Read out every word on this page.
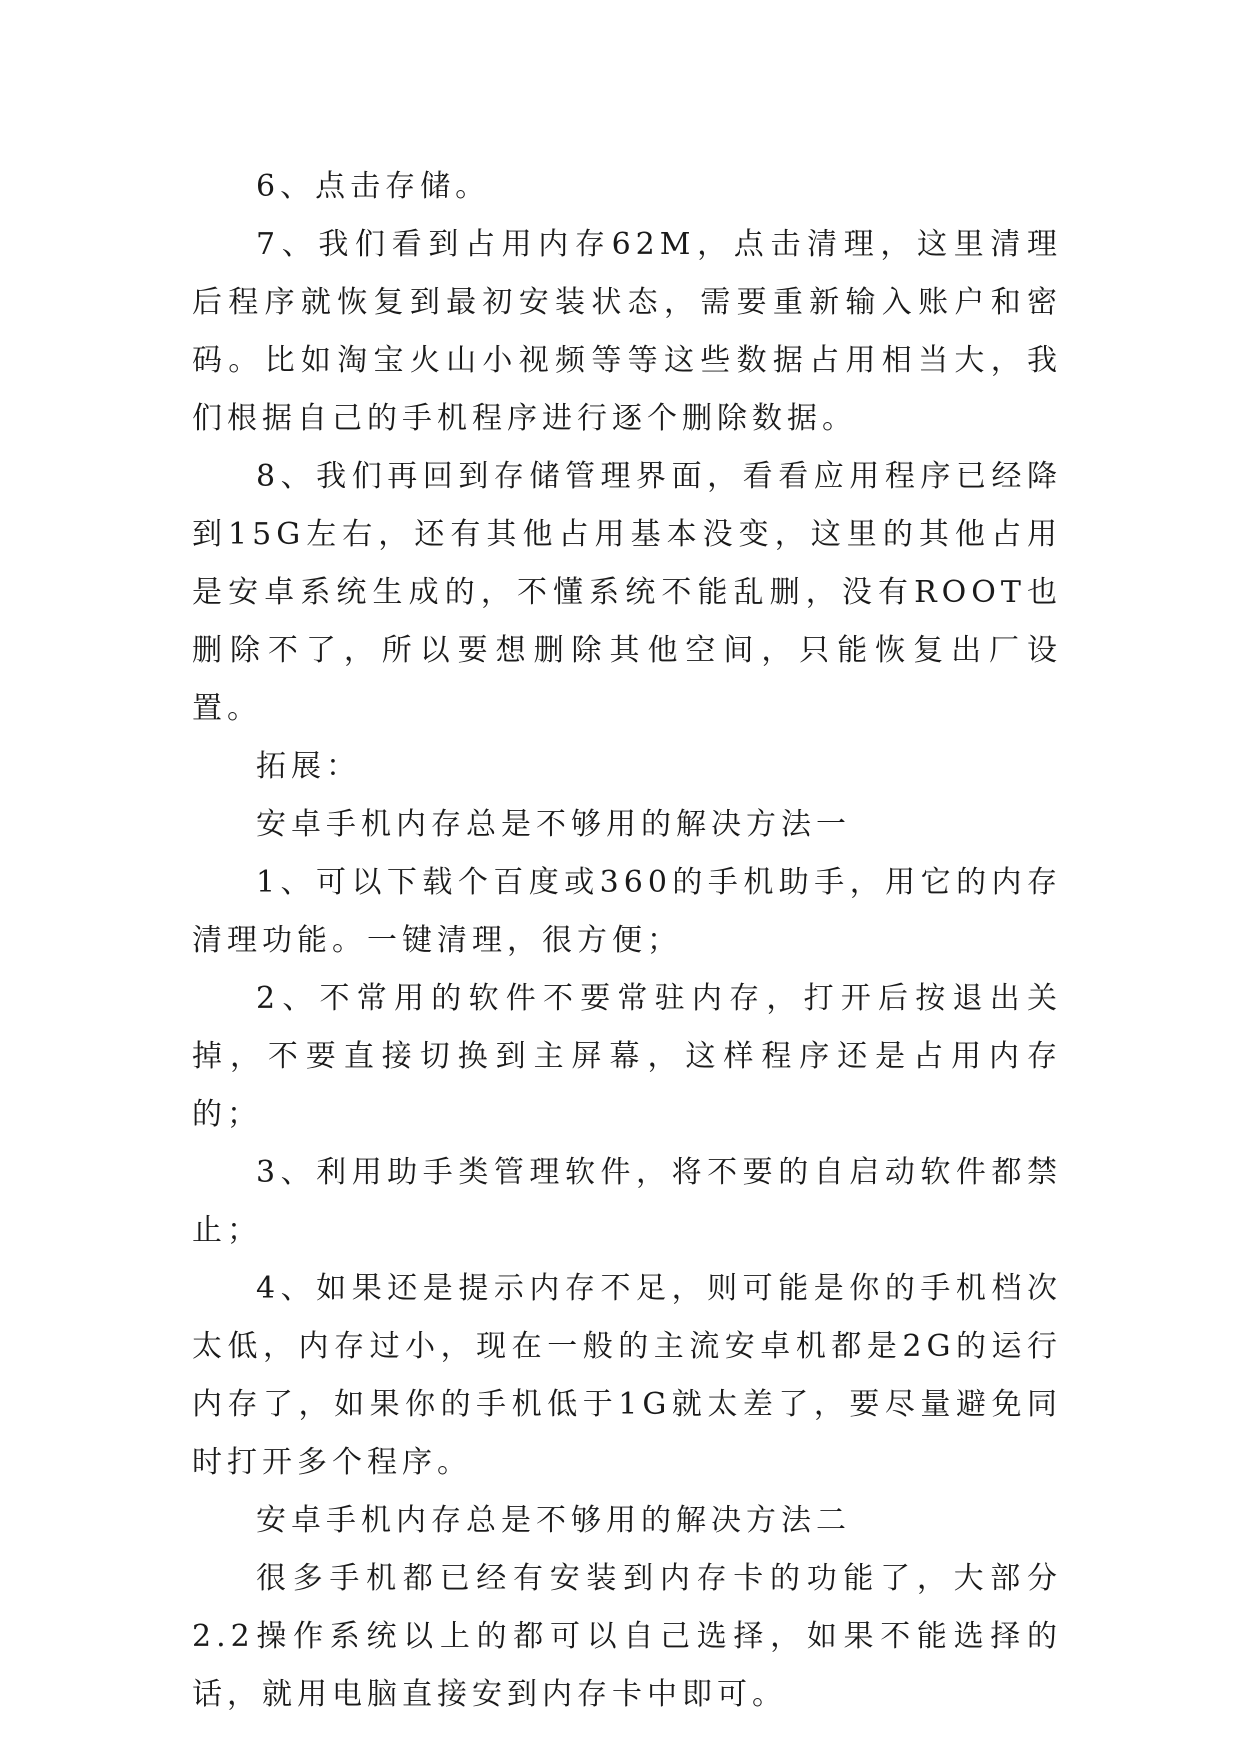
6、点击存储。

7、我们看到占用内存62M，点击清理，这里清理后程序就恢复到最初安装状态，需要重新输入账户和密码。比如淘宝火山小视频等等这些数据占用相当大，我们根据自己的手机程序进行逐个删除数据。

8、我们再回到存储管理界面，看看应用程序已经降到15G左右，还有其他占用基本没变，这里的其他占用是安卓系统生成的，不懂系统不能乱删，没有ROOT也删除不了，所以要想删除其他空间，只能恢复出厂设置。

拓展：

安卓手机内存总是不够用的解决方法一

1、可以下载个百度或360的手机助手，用它的内存清理功能。一键清理，很方便；

2、不常用的软件不要常驻内存，打开后按退出关掉，不要直接切换到主屏幕，这样程序还是占用内存的；

3、利用助手类管理软件，将不要的自启动软件都禁止；

4、如果还是提示内存不足，则可能是你的手机档次太低，内存过小，现在一般的主流安卓机都是2G的运行内存了，如果你的手机低于1G就太差了，要尽量避免同时打开多个程序。

安卓手机内存总是不够用的解决方法二

很多手机都已经有安装到内存卡的功能了，大部分2.2操作系统以上的都可以自己选择，如果不能选择的话，就用电脑直接安到内存卡中即可。
